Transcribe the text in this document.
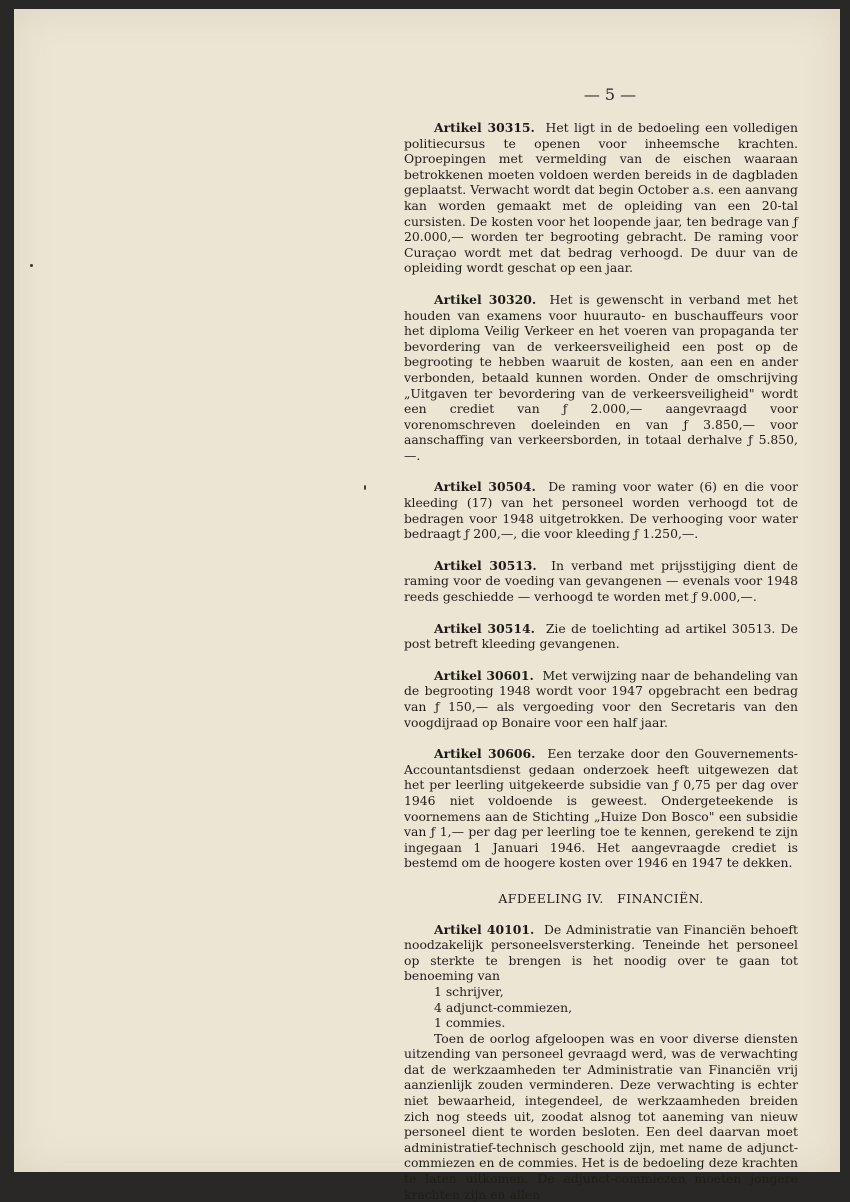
— 5 —

Artikel 30315. Het ligt in de bedoeling een volledigen politiecursus te openen voor inheemsche krachten. Oproepingen met vermelding van de eischen waaraan betrokkenen moeten voldoen werden bereids in de dagbladen geplaatst. Verwacht wordt dat begin October a.s. een aanvang kan worden gemaakt met de opleiding van een 20-tal cursisten. De kosten voor het loopende jaar, ten bedrage van ƒ 20.000,— worden ter begrooting gebracht. De raming voor Curaçao wordt met dat bedrag verhoogd. De duur van de opleiding wordt geschat op een jaar.

Artikel 30320. Het is gewenscht in verband met het houden van examens voor huurauto- en buschauffeurs voor het diploma Veilig Verkeer en het voeren van propaganda ter bevordering van de verkeersveiligheid een post op de begrooting te hebben waaruit de kosten, aan een en ander verbonden, betaald kunnen worden. Onder de omschrijving „Uitgaven ter bevordering van de verkeersveiligheid" wordt een crediet van ƒ 2.000,— aangevraagd voor vorenomschreven doeleinden en van ƒ 3.850,— voor aanschaffing van verkeersborden, in totaal derhalve ƒ 5.850,—.

Artikel 30504. De raming voor water (6) en die voor kleeding (17) van het personeel worden verhoogd tot de bedragen voor 1948 uitgetrokken. De verhooging voor water bedraagt ƒ 200,—, die voor kleeding ƒ 1.250,—.

Artikel 30513. In verband met prijsstijging dient de raming voor de voeding van gevangenen — evenals voor 1948 reeds geschiedde — verhoogd te worden met ƒ 9.000,—.

Artikel 30514. Zie de toelichting ad artikel 30513. De post betreft kleeding gevangenen.

Artikel 30601. Met verwijzing naar de behandeling van de begrooting 1948 wordt voor 1947 opgebracht een bedrag van ƒ 150,— als vergoeding voor den Secretaris van den voogdijraad op Bonaire voor een half jaar.

Artikel 30606. Een terzake door den Gouvernements-Accountantsdienst gedaan onderzoek heeft uitgewezen dat het per leerling uitgekeerde subsidie van ƒ 0,75 per dag over 1946 niet voldoende is geweest. Ondergeteekende is voornemens aan de Stichting „Huize Don Bosco" een subsidie van ƒ 1,— per dag per leerling toe te kennen, gerekend te zijn ingegaan 1 Januari 1946. Het aangevraagde crediet is bestemd om de hoogere kosten over 1946 en 1947 te dekken.

AFDEELING IV.   FINANCIËN.

Artikel 40101. De Administratie van Financiën behoeft noodzakelijk personeelsversterking. Teneinde het personeel op sterkte te brengen is het noodig over te gaan tot benoeming van

1 schrijver,

4 adjunct-commiezen,

1 commies.

Toen de oorlog afgeloopen was en voor diverse diensten uitzending van personeel gevraagd werd, was de verwachting dat de werkzaamheden ter Administratie van Financiën vrij aanzienlijk zouden verminderen. Deze verwachting is echter niet bewaarheid, integendeel, de werkzaamheden breiden zich nog steeds uit, zoodat alsnog tot aaneming van nieuw personeel dient te worden besloten. Een deel daarvan moet administratief-technisch geschoold zijn, met name de adjunct-commiezen en de commies. Het is de bedoeling deze krachten te laten uitkomen. De adjunct-commiezen moeten jongere krachten zijn en allen
